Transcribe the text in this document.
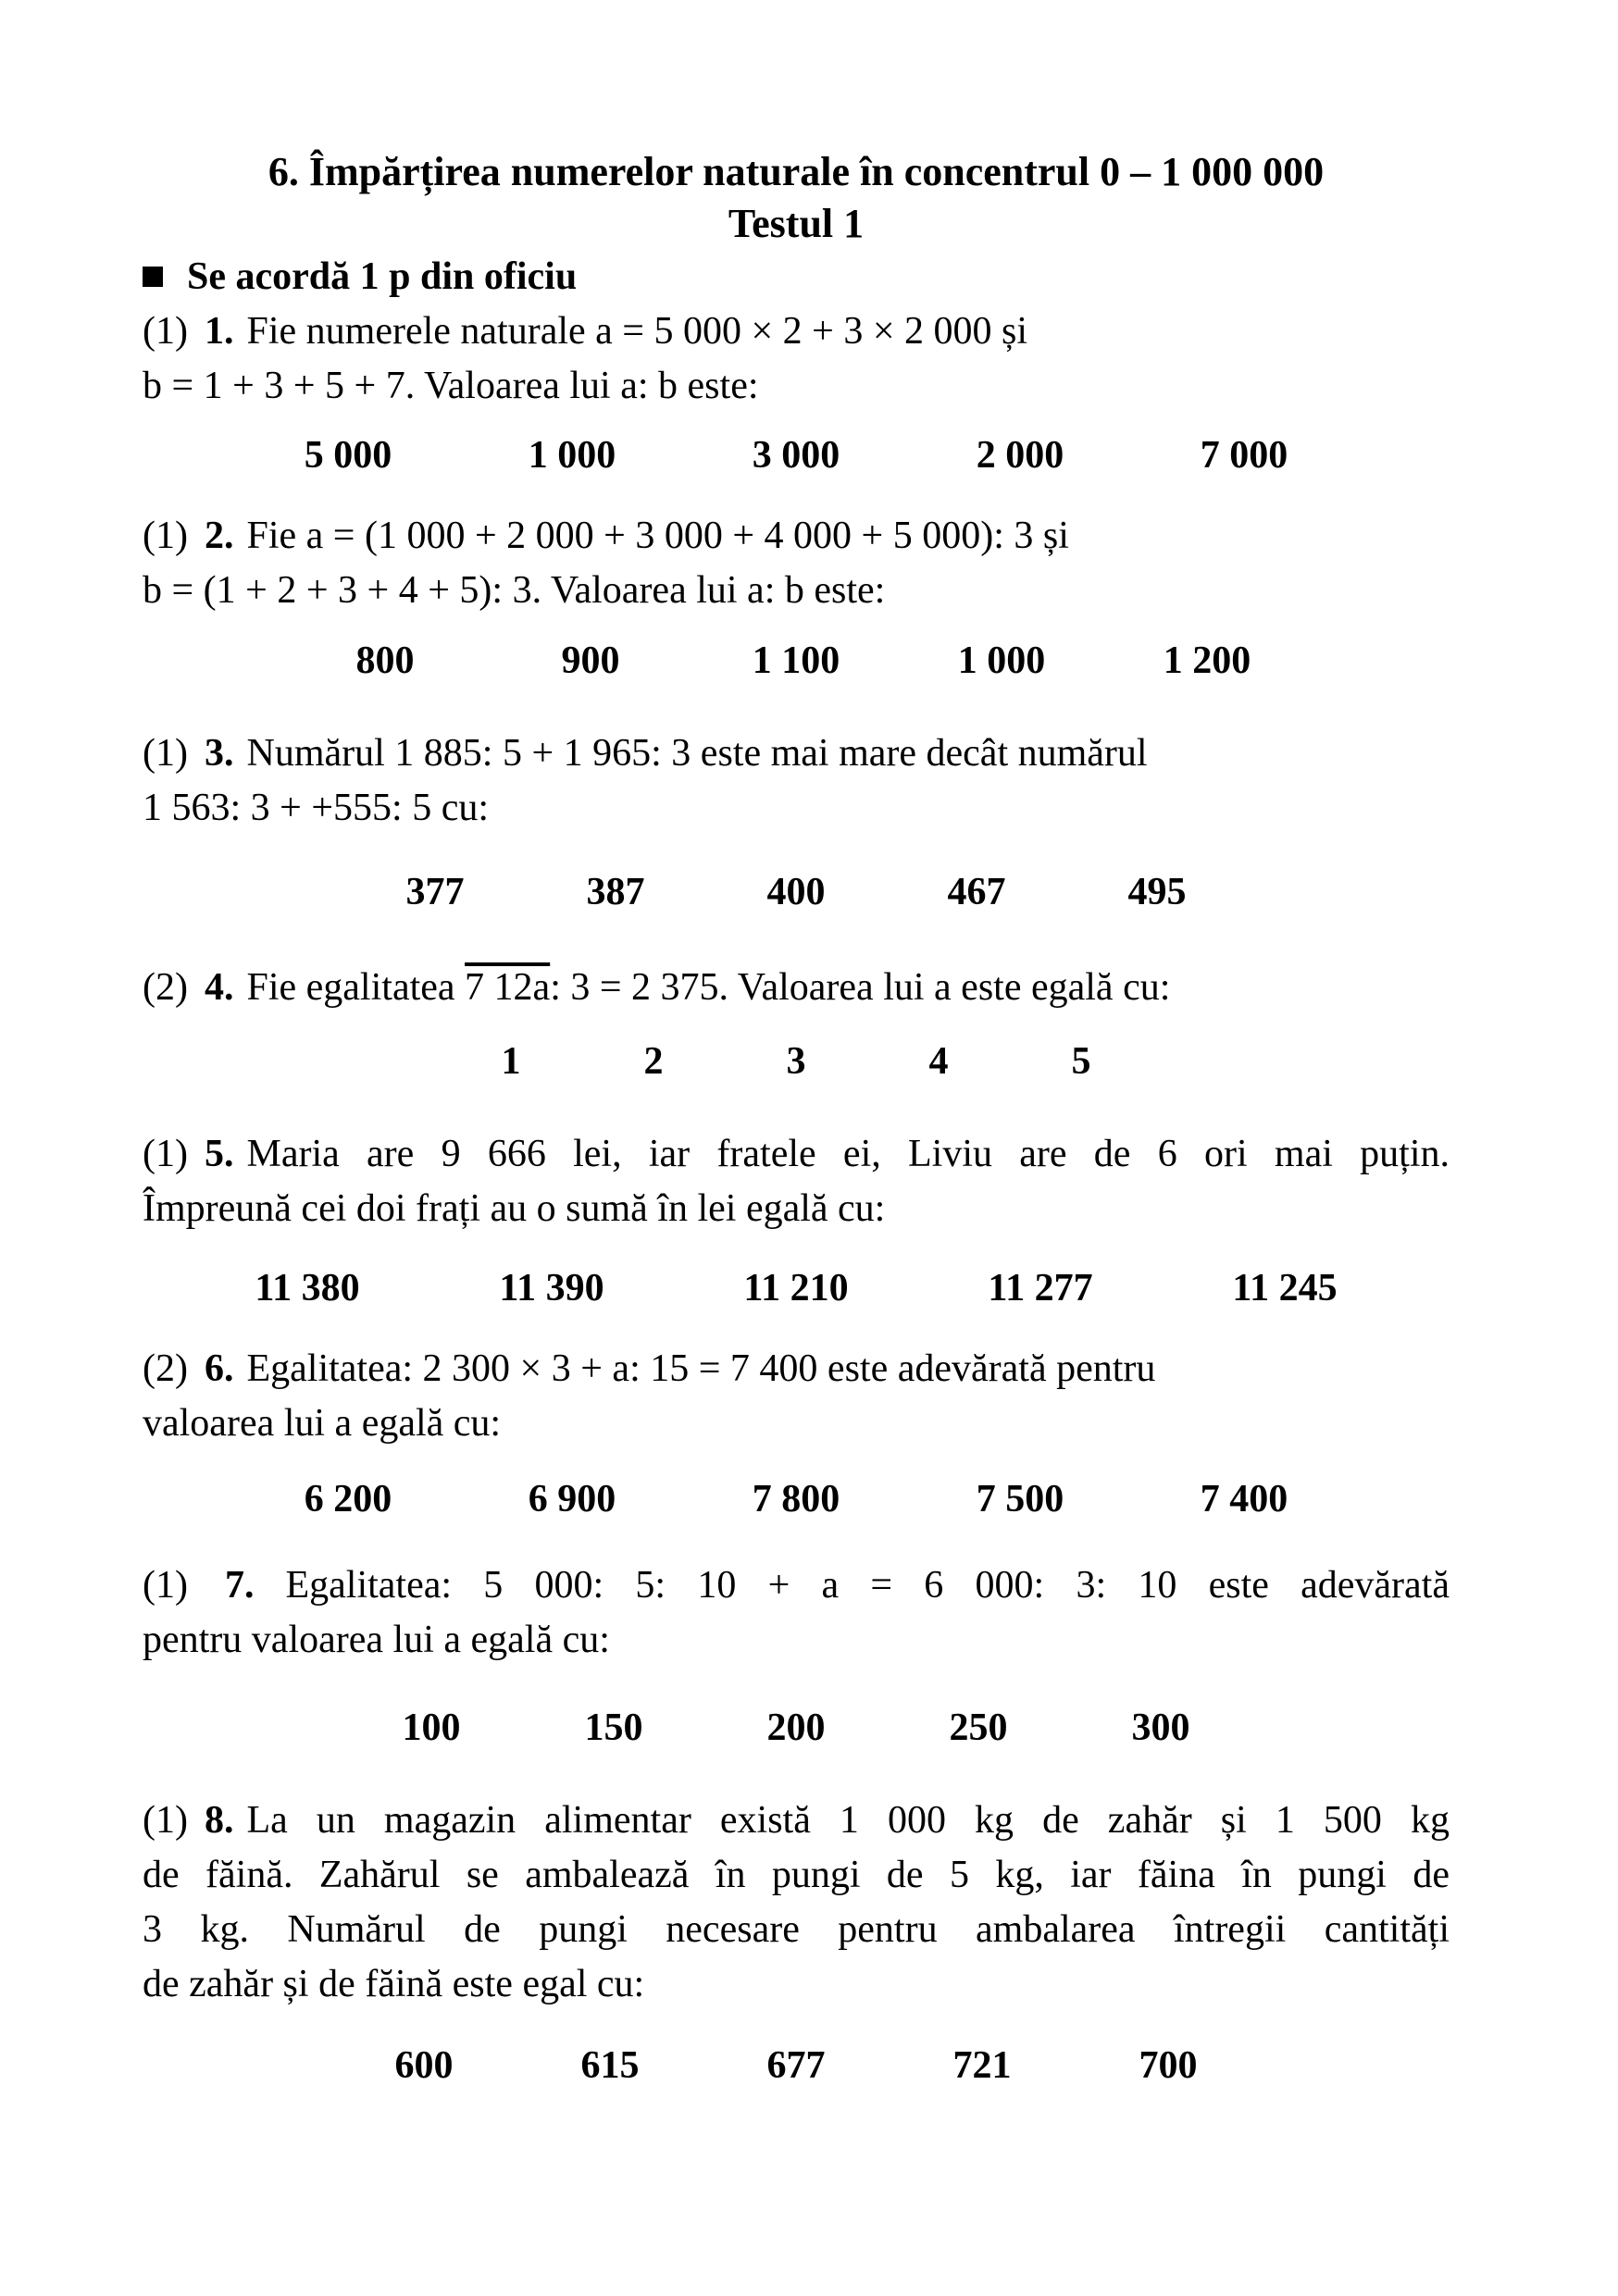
6. Împărțirea numerelor naturale în concentrul 0 – 1 000 000
Testul 1
Se acordă 1 p din oficiu
(1) 1. Fie numerele naturale a = 5 000 × 2 + 3 × 2 000 și
b = 1 + 3 + 5 + 7. Valoarea lui a: b este:
5 000	1 000	3 000	2 000	7 000
(1) 2. Fie a = (1 000 + 2 000 + 3 000 + 4 000 + 5 000): 3 și
b = (1 + 2 + 3 + 4 + 5): 3. Valoarea lui a: b este:
800	900	1 100	1 000	1 200
(1) 3. Numărul 1 885: 5 + 1 965: 3 este mai mare decât numărul
1 563: 3 + +555: 5 cu:
377	387	400	467	495
(2) 4. Fie egalitatea 7 12a: 3 = 2 375. Valoarea lui a este egală cu:
1	2	3	4	5
(1) 5. Maria are 9 666 lei, iar fratele ei, Liviu are de 6 ori mai puțin.
Împreună cei doi frați au o sumă în lei egală cu:
11 380	11 390	11 210	11 277	11 245
(2) 6. Egalitatea: 2 300 × 3 + a: 15 = 7 400 este adevărată pentru
valoarea lui a egală cu:
6 200	6 900	7 800	7 500	7 400
(1) 7. Egalitatea: 5 000: 5: 10 + a = 6 000: 3: 10 este adevărată
pentru valoarea lui a egală cu:
100	150	200	250	300
(1) 8. La un magazin alimentar există 1 000 kg de zahăr și 1 500 kg
de făină. Zahărul se ambalează în pungi de 5 kg, iar făina în pungi de
3 kg. Numărul de pungi necesare pentru ambalarea întregii cantități
de zahăr și de făină este egal cu:
600	615	677	721	700
